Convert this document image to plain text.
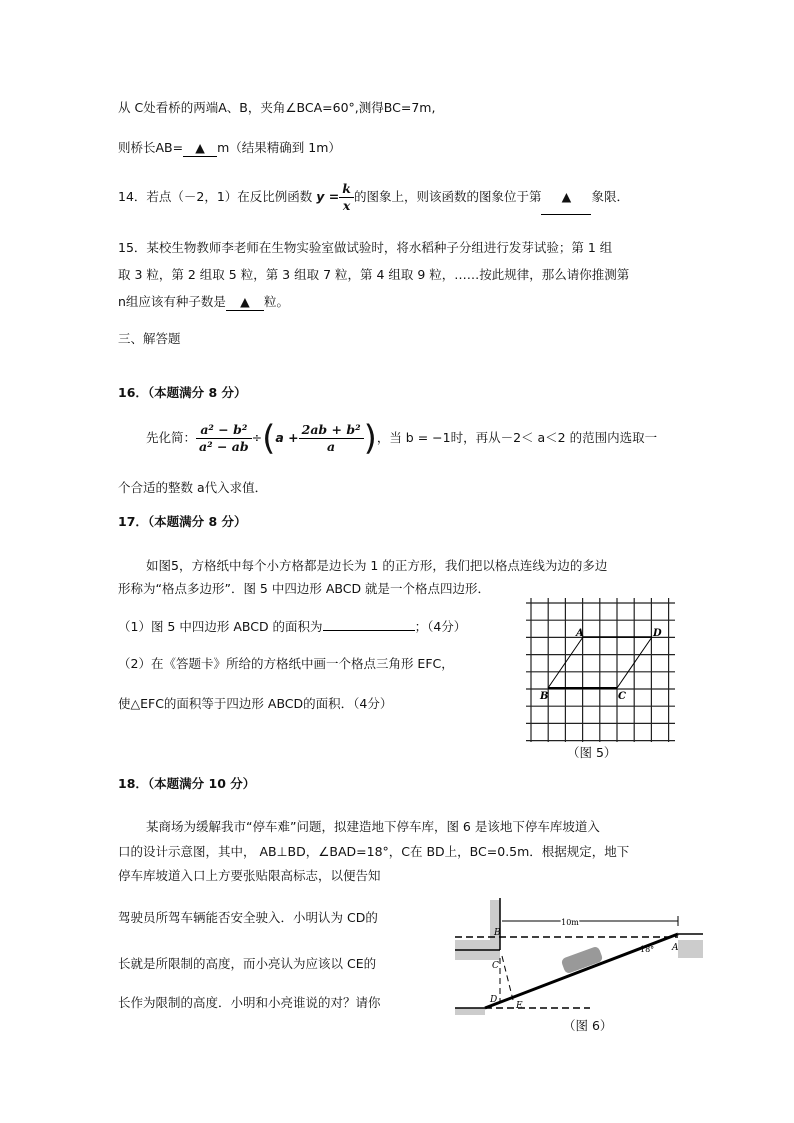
从 C处看桥的两端A、B，夹角∠BCA=60°,测得BC=7m,
则桥长AB= ▲ m（结果精确到 1m）
14．若点（－2，1）在反比例函数 $y = \frac{k}{x}$ 的图象上，则该函数的图象位于第 ▲ 象限．
15．某校生物教师李老师在生物实验室做试验时，将水稻种子分组进行发芽试验；第 1 组
取 3 粒，第 2 组取 5 粒，第 3 组取 7 粒，第 4 组取 9 粒，……按此规律，那么请你推测第
n组应该有种子数是 ▲ 粒。
三、解答题
16．（本题满分 8 分）
先化简： $\frac{\text{a² − b²}}{\text{a² − ab}} \div(a + \frac{\text{2ab + b²}}{a}$ )，当 b = −1时，再从－2＜ a＜2 的范围内选取一
个合适的整数 a代入求值．
17．（本题满分 8 分）
如图5，方格纸中每个小方格都是边长为 1 的正方形，我们把以格点连线为边的多边
形称为“格点多边形”．图 5 中四边形 ABCD 就是一个格点四边形．
（1）图 5 中四边形 ABCD 的面积为	；（4分）
（2）在《答题卡》所给的方格纸中画一个格点三角形 EFC，
使△EFC的面积等于四边形 ABCD的面积．（4分）
A	D
B	C
（图 5）
18．（本题满分 10 分）
某商场为缓解我市“停车难”问题，拟建造地下停车库，图 6 是该地下停车库坡道入
口的设计示意图，其中， AB⊥BD，∠BAD=18°，C在 BD上，BC=0.5m．根据规定，地下
停车库坡道入口上方要张贴限高标志，以便告知
驾驶员所驾车辆能否安全驶入．小明认为 CD的
长就是所限制的高度，而小亮认为应该以 CE的
长作为限制的高度．小明和小亮谁说的对？请你
10m
18°
B
C
D
E
A
（图 6）
